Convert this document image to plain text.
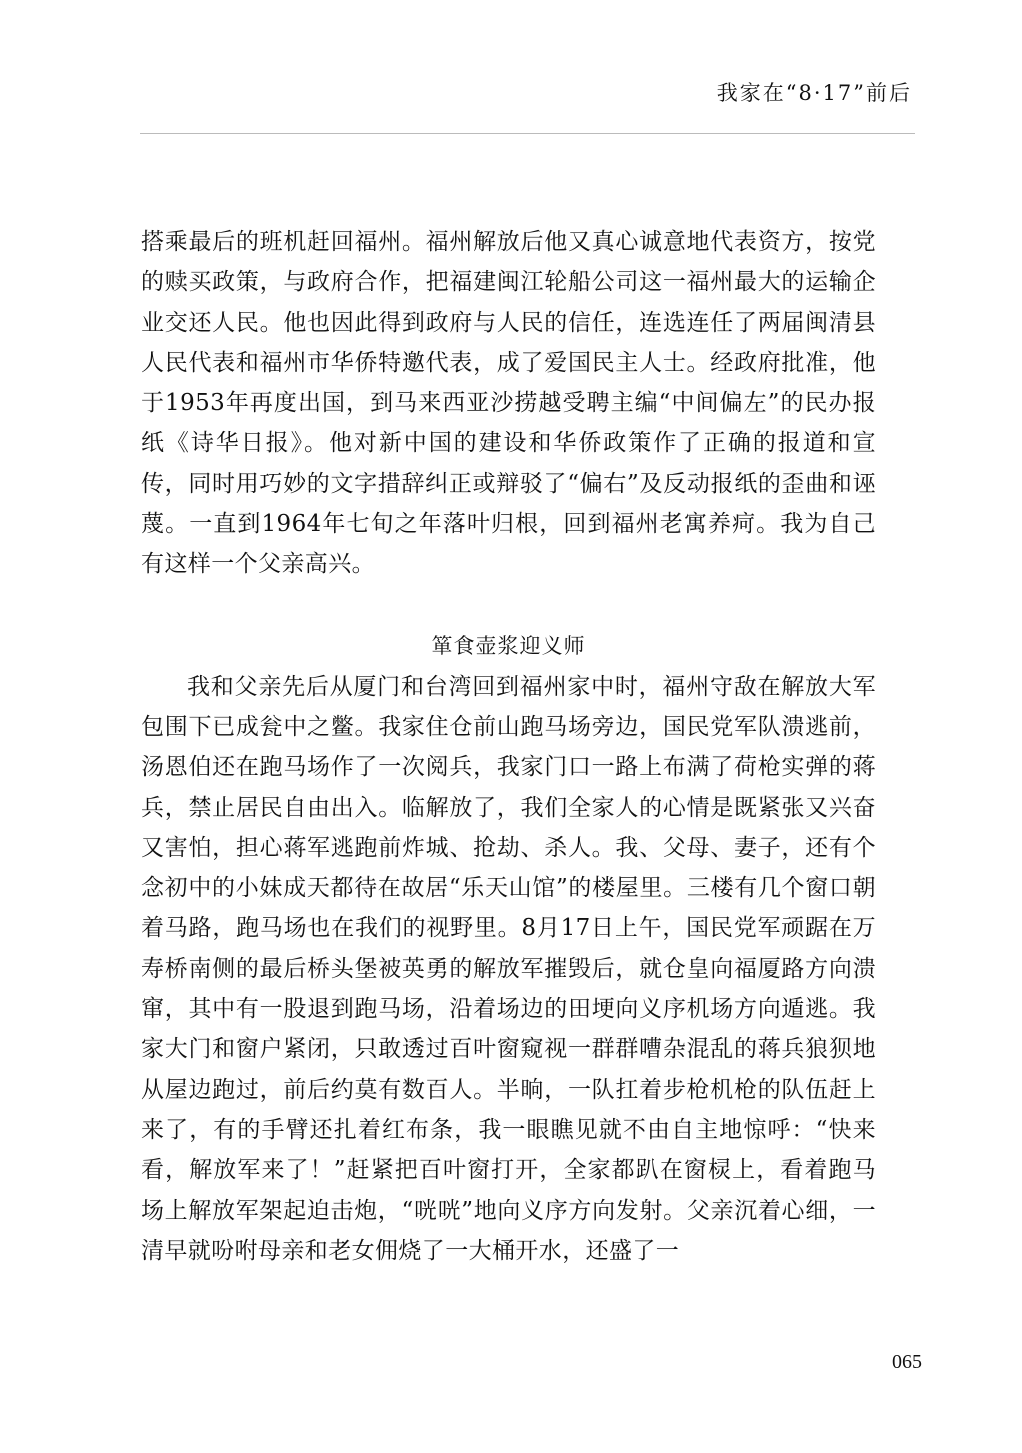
我家在“8·17”前后

搭乘最后的班机赶回福州。福州解放后他又真心诚意地代表资方，按党的赎买政策，与政府合作，把福建闽江轮船公司这一福州最大的运输企业交还人民。他也因此得到政府与人民的信任，连选连任了两届闽清县人民代表和福州市华侨特邀代表，成了爱国民主人士。经政府批准，他于1953年再度出国，到马来西亚沙捞越受聘主编“中间偏左”的民办报纸《诗华日报》。他对新中国的建设和华侨政策作了正确的报道和宣传，同时用巧妙的文字措辞纠正或辩驳了“偏右”及反动报纸的歪曲和诬蔑。一直到1964年七旬之年落叶归根，回到福州老寓养疴。我为自己有这样一个父亲高兴。

箪食壶浆迎义师

我和父亲先后从厦门和台湾回到福州家中时，福州守敌在解放大军包围下已成瓮中之鳖。我家住仓前山跑马场旁边，国民党军队溃逃前，汤恩伯还在跑马场作了一次阅兵，我家门口一路上布满了荷枪实弹的蒋兵，禁止居民自由出入。临解放了，我们全家人的心情是既紧张又兴奋又害怕，担心蒋军逃跑前炸城、抢劫、杀人。我、父母、妻子，还有个念初中的小妹成天都待在故居“乐天山馆”的楼屋里。三楼有几个窗口朝着马路，跑马场也在我们的视野里。8月17日上午，国民党军顽踞在万寿桥南侧的最后桥头堡被英勇的解放军摧毁后，就仓皇向福厦路方向溃窜，其中有一股退到跑马场，沿着场边的田埂向义序机场方向遁逃。我家大门和窗户紧闭，只敢透过百叶窗窥视一群群嘈杂混乱的蒋兵狼狈地从屋边跑过，前后约莫有数百人。半晌，一队扛着步枪机枪的队伍赶上来了，有的手臂还扎着红布条，我一眼瞧见就不由自主地惊呼：“快来看，解放军来了！”赶紧把百叶窗打开，全家都趴在窗棂上，看着跑马场上解放军架起迫击炮，“咣咣”地向义序方向发射。父亲沉着心细，一清早就吩咐母亲和老女佣烧了一大桶开水，还盛了一

065
